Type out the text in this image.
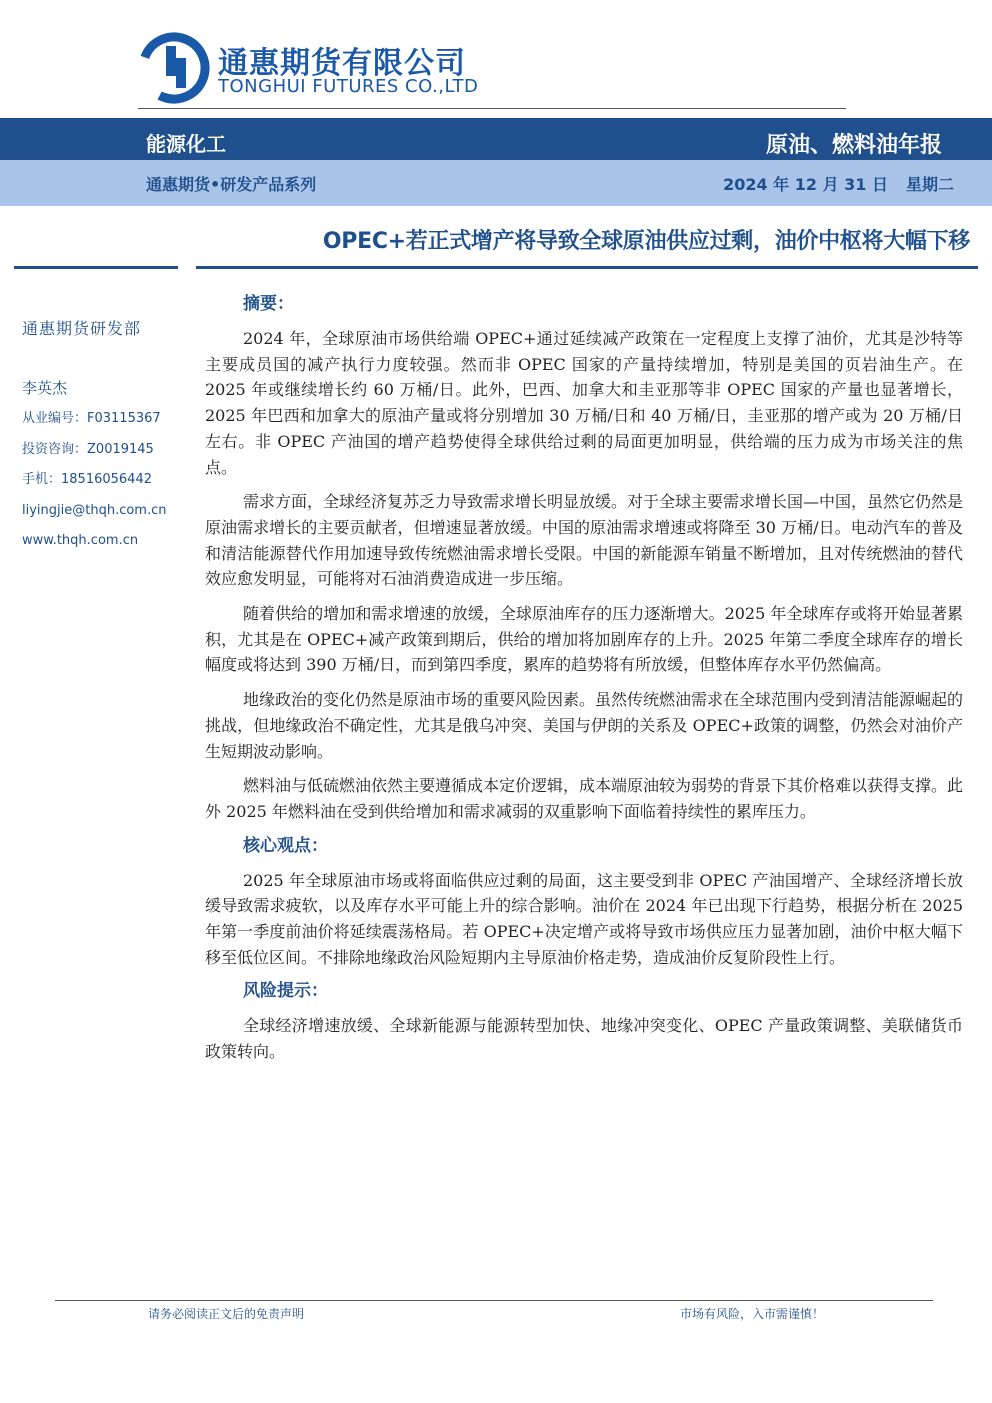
通惠期货有限公司
TONGHUI FUTURES CO.,LTD
能源化工	原油、燃料油年报
通惠期货•研发产品系列	2024 年 12 月 31 日 星期二
OPEC+若正式增产将导致全球原油供应过剩，油价中枢将大幅下移
通惠期货研发部
李英杰
从业编号：F03115367
投资咨询：Z0019145
手机：18516056442
liyingjie@thqh.com.cn
www.thqh.com.cn
摘要：

2024 年，全球原油市场供给端 OPEC+通过延续减产政策在一定程度上支撑了油价，尤其是沙特等主要成员国的减产执行力度较强。然而非 OPEC 国家的产量持续增加，特别是美国的页岩油生产。在 2025 年或继续增长约 60 万桶/日。此外，巴西、加拿大和圭亚那等非 OPEC 国家的产量也显著增长，2025 年巴西和加拿大的原油产量或将分别增加 30 万桶/日和 40 万桶/日，圭亚那的增产或为 20 万桶/日左右。非 OPEC 产油国的增产趋势使得全球供给过剩的局面更加明显，供给端的压力成为市场关注的焦点。

需求方面，全球经济复苏乏力导致需求增长明显放缓。对于全球主要需求增长国—中国，虽然它仍然是原油需求增长的主要贡献者，但增速显著放缓。中国的原油需求增速或将降至 30 万桶/日。电动汽车的普及和清洁能源替代作用加速导致传统燃油需求增长受限。中国的新能源车销量不断增加，且对传统燃油的替代效应愈发明显，可能将对石油消费造成进一步压缩。

随着供给的增加和需求增速的放缓，全球原油库存的压力逐渐增大。2025 年全球库存或将开始显著累积，尤其是在 OPEC+减产政策到期后，供给的增加将加剧库存的上升。2025 年第二季度全球库存的增长幅度或将达到 390 万桶/日，而到第四季度，累库的趋势将有所放缓，但整体库存水平仍然偏高。

地缘政治的变化仍然是原油市场的重要风险因素。虽然传统燃油需求在全球范围内受到清洁能源崛起的挑战，但地缘政治不确定性，尤其是俄乌冲突、美国与伊朗的关系及 OPEC+政策的调整，仍然会对油价产生短期波动影响。

燃料油与低硫燃油依然主要遵循成本定价逻辑，成本端原油较为弱势的背景下其价格难以获得支撑。此外 2025 年燃料油在受到供给增加和需求减弱的双重影响下面临着持续性的累库压力。

核心观点：

2025 年全球原油市场或将面临供应过剩的局面，这主要受到非 OPEC 产油国增产、全球经济增长放缓导致需求疲软，以及库存水平可能上升的综合影响。油价在 2024 年已出现下行趋势，根据分析在 2025 年第一季度前油价将延续震荡格局。若 OPEC+决定增产或将导致市场供应压力显著加剧，油价中枢大幅下移至低位区间。不排除地缘政治风险短期内主导原油价格走势，造成油价反复阶段性上行。

风险提示：

全球经济增速放缓、全球新能源与能源转型加快、地缘冲突变化、OPEC 产量政策调整、美联储货币政策转向。

请务必阅读正文后的免责声明	市场有风险，入市需谨慎！
